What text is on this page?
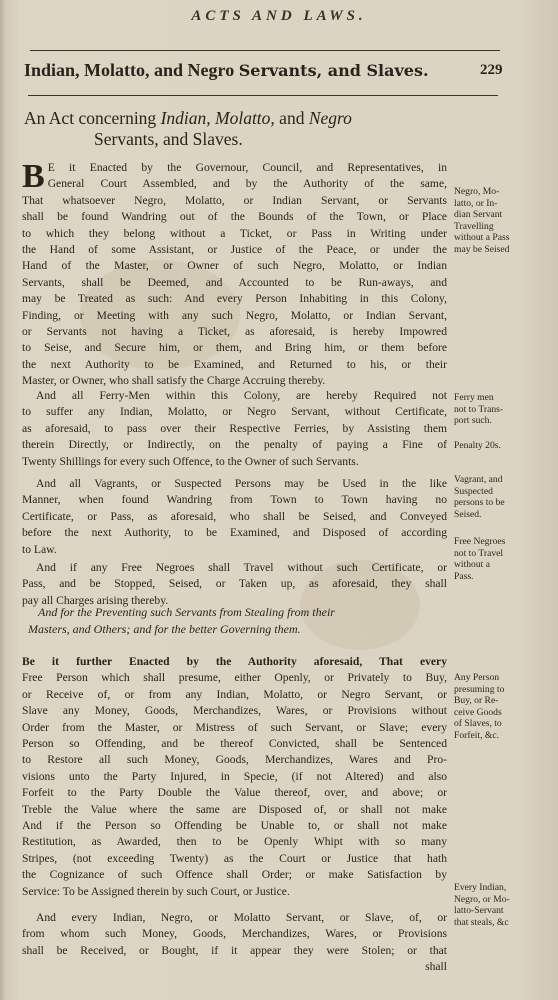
ACTS AND LAWS.
Indian, Molatto, and Negro Servants, and Slaves.	229
An Act concerning Indian, Molatto, and Negro
Servants, and Slaves.
B E it Enacted by the Governour, Council, and Representatives, in
General Court Assembled, and by the Authority of the same,
That whatsoever Negro, Molatto, or Indian Servant, or Servants
shall be found Wandring out of the Bounds of the Town, or Place
to which they belong without a Ticket, or Pass in Writing under
the Hand of some Assistant, or Justice of the Peace, or under the
Hand of the Master, or Owner of such Negro, Molatto, or Indian
Servants, shall be Deemed, and Accounted to be Run-aways, and
may be Treated as such: And every Person Inhabiting in this Colony,
Finding, or Meeting with any such Negro, Molatto, or Indian Servant,
or Servants not having a Ticket, as aforesaid, is hereby Impowred
to Seise, and Secure him, or them, and Bring him, or them before
the next Authority to be Examined, and Returned to his, or their
Master, or Owner, who shall satisfy the Charge Accruing thereby.
And all Ferry-Men within this Colony, are hereby Required not
to suffer any Indian, Molatto, or Negro Servant, without Certificate,
as aforesaid, to pass over their Respective Ferries, by Assisting them
therein Directly, or Indirectly, on the penalty of paying a Fine of
Twenty Shillings for every such Offence, to the Owner of such Servants.
And all Vagrants, or Suspected Persons may be Used in the like
Manner, when found Wandring from Town to Town having no
Certificate, or Pass, as aforesaid, who shall be Seised, and Conveyed
before the next Authority, to be Examined, and Disposed of according
to Law.
And if any Free Negroes shall Travel without such Certificate, or
Pass, and be Stopped, Seised, or Taken up, as aforesaid, they shall
pay all Charges arising thereby.
And for the Preventing such Servants from Stealing from their
Masters, and Others; and for the better Governing them.
Be it further Enacted by the Authority aforesaid, That every
Free Person which shall presume, either Openly, or Privately to Buy,
or Receive of, or from any Indian, Molatto, or Negro Servant, or
Slave any Money, Goods, Merchandizes, Wares, or Provisions without
Order from the Master, or Mistress of such Servant, or Slave; every
Person so Offending, and be thereof Convicted, shall be Sentenced
to Restore all such Money, Goods, Merchandizes, Wares and Pro-
visions unto the Party Injured, in Specie, (if not Altered) and also
Forfeit to the Party Double the Value thereof, over, and above; or
Treble the Value where the same are Disposed of, or shall not make
And if the Person so Offending be Unable to, or shall not make
Restitution, as Awarded, then to be Openly Whipt with so many
Stripes, (not exceeding Twenty) as the Court or Justice that hath
the Cognizance of such Offence shall Order; or make Satisfaction by
Service: To be Assigned therein by such Court, or Justice.
And every Indian, Negro, or Molatto Servant, or Slave, of, or
from whom such Money, Goods, Merchandizes, Wares, or Provisions
shall be Received, or Bought, if it appear they were Stolen; or that
shall
Negro, Mo-
latto, or In-
dian Servant
Travelling
without a Pass
may be Seised
Ferry men
not to Trans-
port such.
Penalty 20s.
Vagrant, and
Suspected
persons to be
Seised.
Free Negroes
not to Travel
without a
Pass.
Any Person
presuming to
Buy, or Re-
ceive Goods
of Slaves, to
Forfeit, &c.
Every Indian,
Negro, or Mo-
latto-Servant
that steals, &c
